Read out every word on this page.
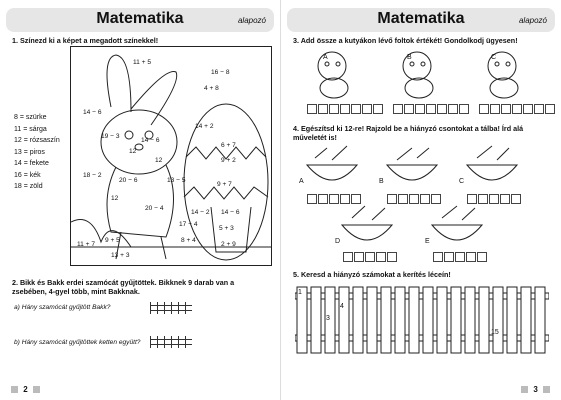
Matematika	alapozó
1. Színezd ki a képet a megadott színekkel!
8 = szürke
11 = sárga
12 = rózsaszín
13 = piros
14 = fekete
16 = kék
18 = zöld
11 + 5
16 − 8
4 + 8
14 − 6
19 − 3
14 − 6
12
14 + 2
12
6 + 7
9 + 2
18 − 2
20 − 6	13 − 5
12
9 + 7
20 − 4
14 − 2
17 − 4
11 + 7
9 + 5	8 + 4
14 − 6
5 + 3
2 + 9
13 + 3
2. Bikk és Bakk erdei szamócát gyűjtöttek. Bikknek 9 darab van a zsebében, 4-gyel több, mint Bakknak.
a) Hány szamócát gyűjtött Bakk?
b) Hány szamócát gyűjtöttek ketten együtt?
2
Matematika	alapozó
3. Add össze a kutyákon lévő foltok értékét! Gondolkodj ügyesen!
A	B	C
4. Egészítsd ki 12-re! Rajzold be a hiányzó csontokat a tálba! Írd alá műveletét is!
A	B	C
D	E
5. Keresd a hiányzó számokat a kerítés léceín!
1
3
4
15
3
